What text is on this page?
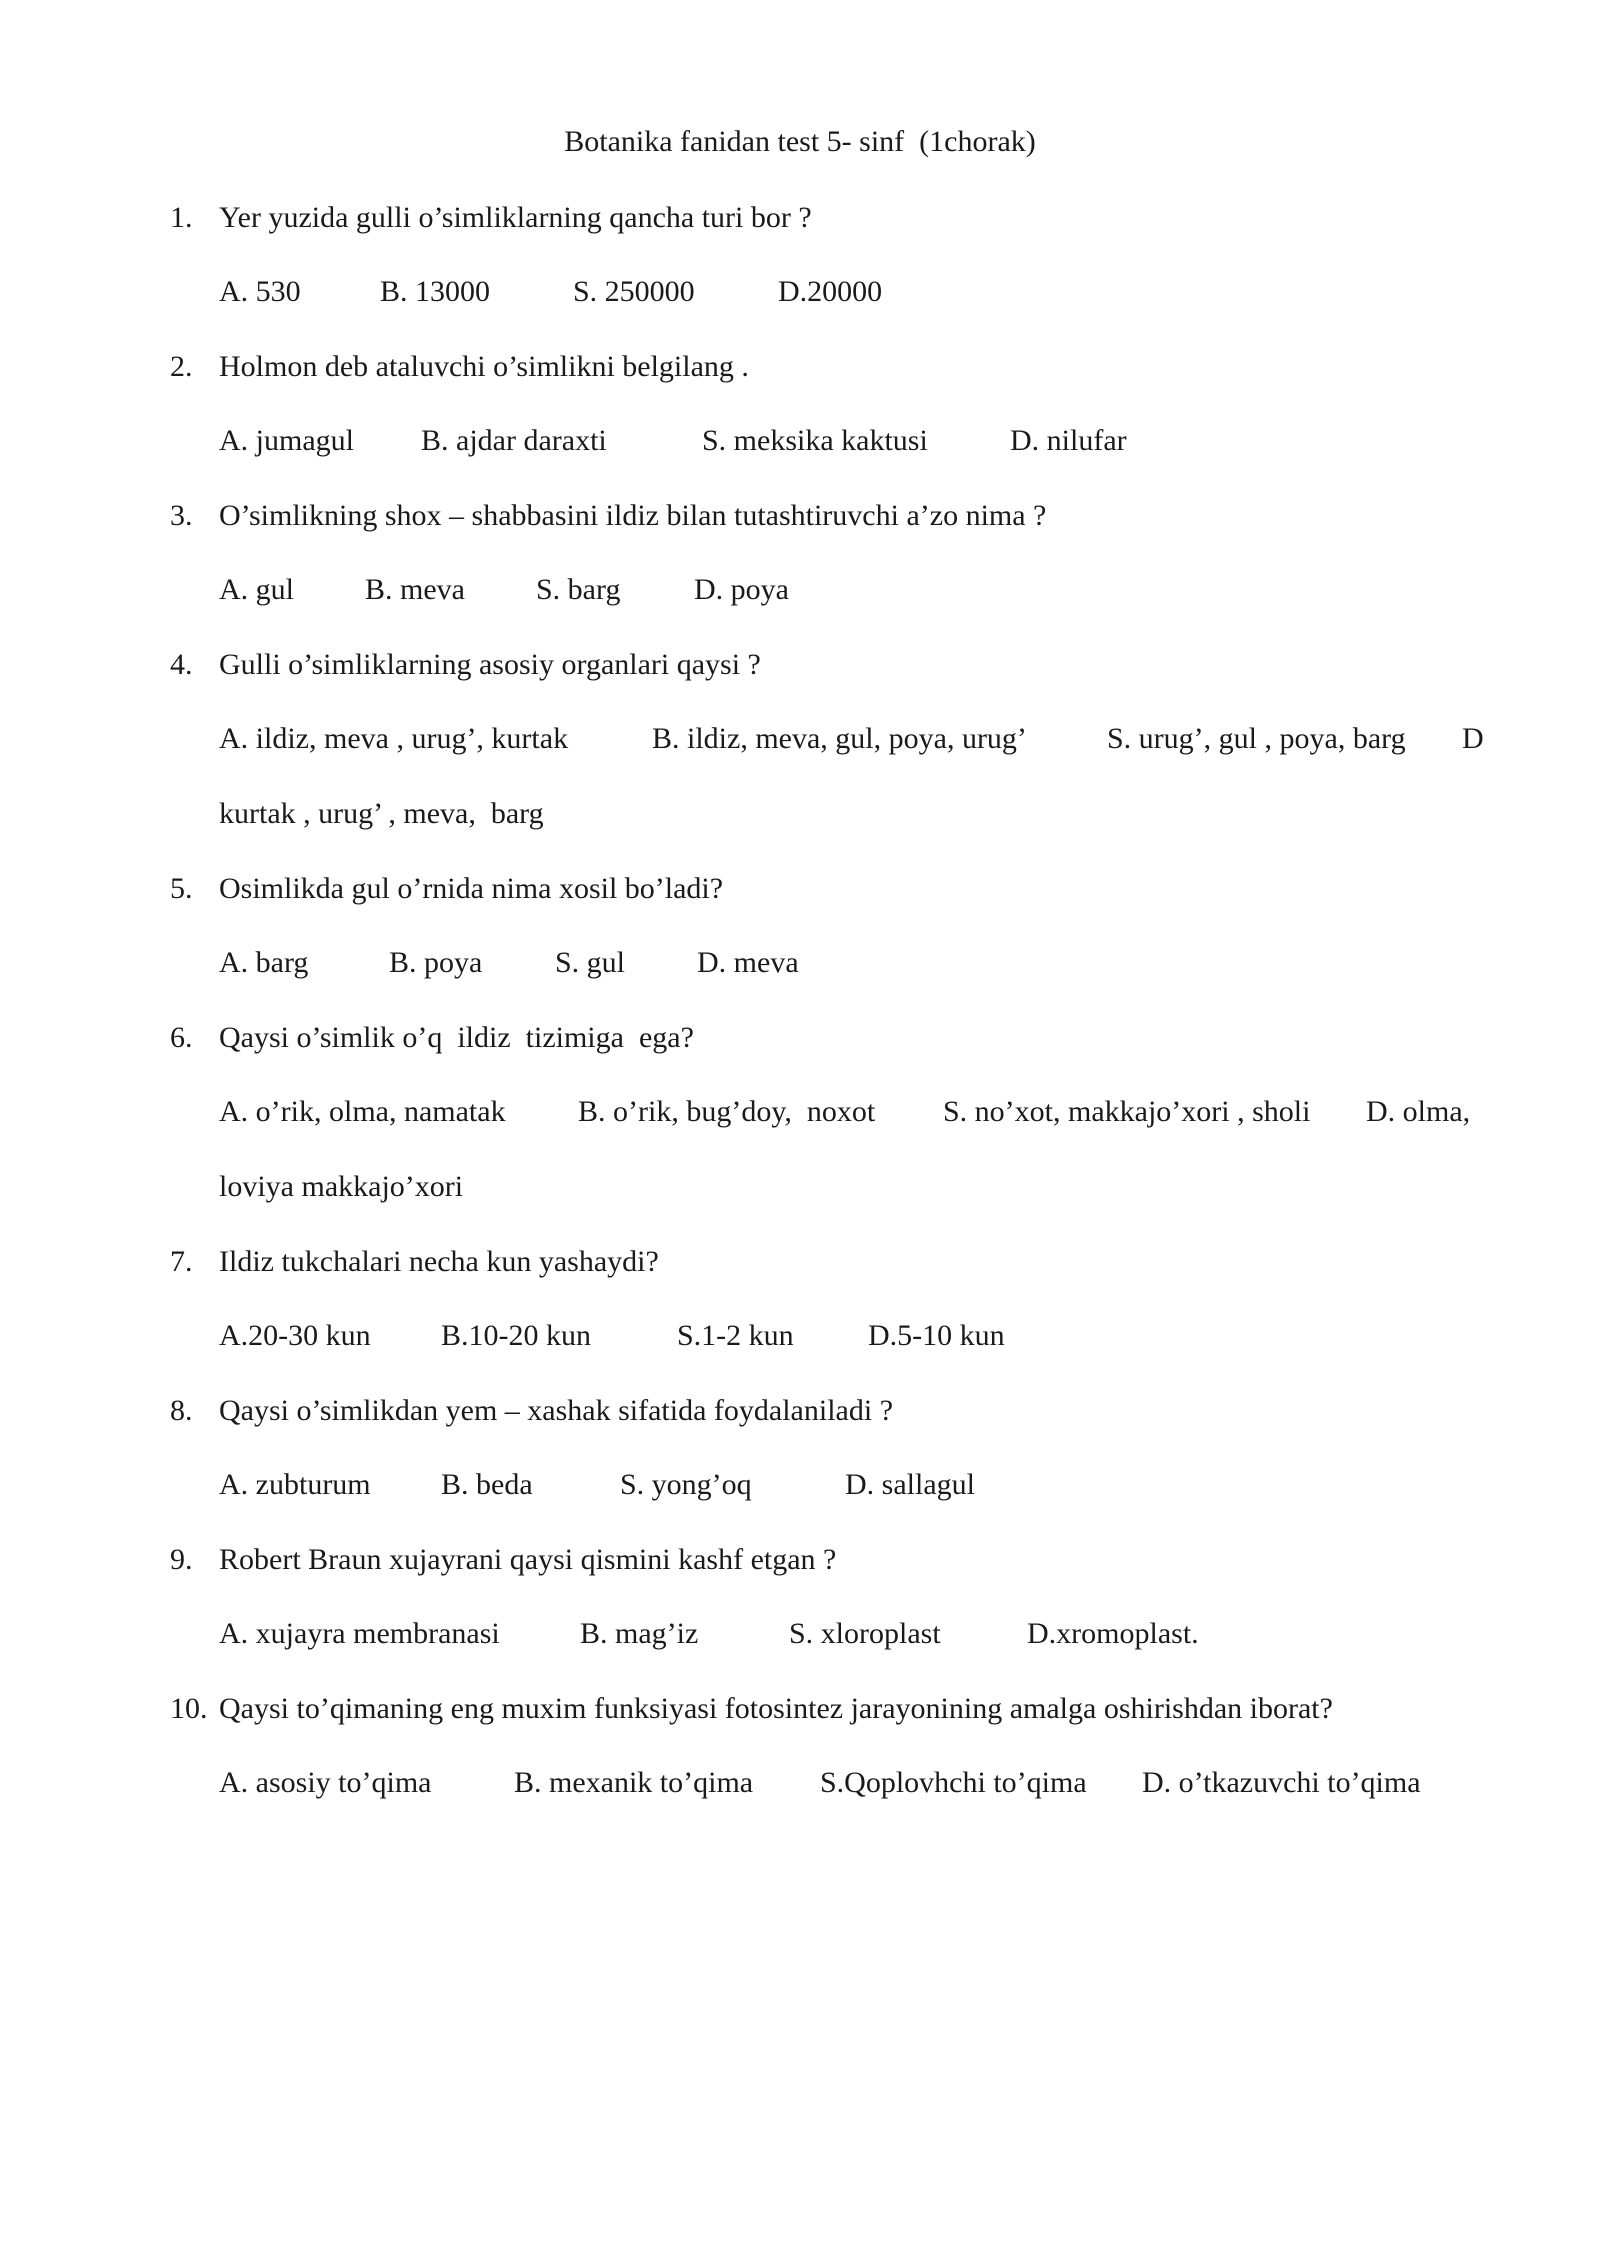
Botanika fanidan test 5- sinf  (1chorak)
1. Yer yuzida gulli o’simliklarning qancha turi bor ?
A. 530	B. 13000	S. 250000	D.20000
2. Holmon deb ataluvchi o’simlikni belgilang .
A. jumagul B. ajdar daraxti	S. meksika kaktusi	D. nilufar
3. O’simlikning shox – shabbasini ildiz bilan tutashtiruvchi a’zo nima ?
A. gul B. meva S. barg D. poya
4. Gulli o’simliklarning asosiy organlari qaysi ?
A. ildiz, meva , urug’, kurtak	B. ildiz, meva, gul, poya, urug’	S. urug’, gul , poya, barg D
kurtak , urug’ , meva,  barg
5. Osimlikda gul o’rnida nima xosil bo’ladi?
A. barg	B. poya S. gul D. meva
6. Qaysi o’simlik o’q  ildiz  tizimiga  ega?
A. o’rik, olma, namatak B. o’rik, bug’doy,  noxot S. no’xot, makkajo’xori , sholi D. olma,
loviya makkajo’xori
7. Ildiz tukchalari necha kun yashaydi?
A.20-30 kun B.10-20 kun	S.1-2 kun D.5-10 kun
8. Qaysi o’simlikdan yem – xashak sifatida foydalaniladi ?
A. zubturum B. beda	S. yong’oq	D. sallagul
9. Robert Braun xujayrani qaysi qismini kashf etgan ?
A. xujayra membranasi	B. mag’iz	S. xloroplast	D.xromoplast.
10. Qaysi to’qimaning eng muxim funksiyasi fotosintez jarayonining amalga oshirishdan iborat?
A. asosiy to’qima	B. mexanik to’qima S.Qoplovhchi to’qima D. o’tkazuvchi to’qima
